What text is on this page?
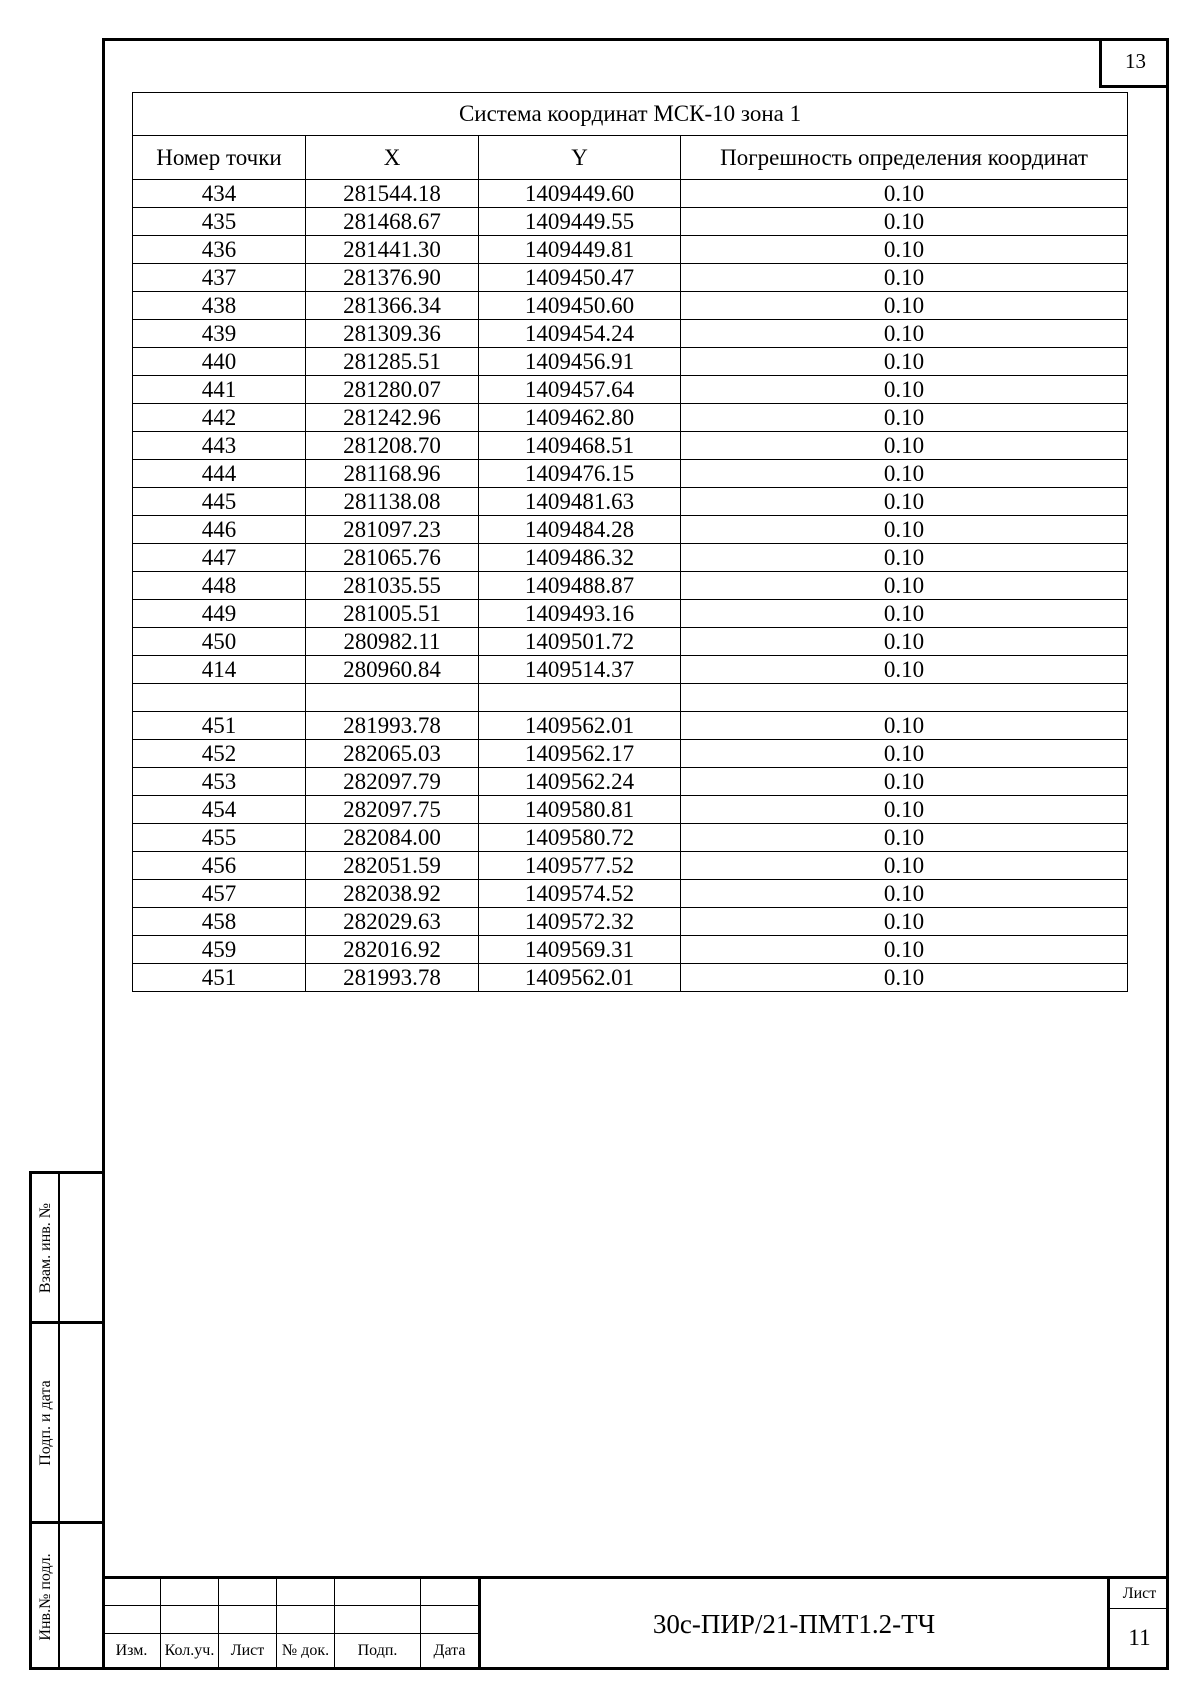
13
Система координат МСК-10 зона 1			
Номер точки	X	Y	Погрешность определения координат
434	281544.18	1409449.60	0.10
435	281468.67	1409449.55	0.10
436	281441.30	1409449.81	0.10
437	281376.90	1409450.47	0.10
438	281366.34	1409450.60	0.10
439	281309.36	1409454.24	0.10
440	281285.51	1409456.91	0.10
441	281280.07	1409457.64	0.10
442	281242.96	1409462.80	0.10
443	281208.70	1409468.51	0.10
444	281168.96	1409476.15	0.10
445	281138.08	1409481.63	0.10
446	281097.23	1409484.28	0.10
447	281065.76	1409486.32	0.10
448	281035.55	1409488.87	0.10
449	281005.51	1409493.16	0.10
450	280982.11	1409501.72	0.10
414	280960.84	1409514.37	0.10

451	281993.78	1409562.01	0.10
452	282065.03	1409562.17	0.10
453	282097.79	1409562.24	0.10
454	282097.75	1409580.81	0.10
455	282084.00	1409580.72	0.10
456	282051.59	1409577.52	0.10
457	282038.92	1409574.52	0.10
458	282029.63	1409572.32	0.10
459	282016.92	1409569.31	0.10
451	281993.78	1409562.01	0.10
Взам. инв. №
Подп. и дата
Инв.№ подл.

Изм.	Кол.уч.	Лист	№ док.	Подп.	Дата
30с-ПИР/21-ПМТ1.2-ТЧ
Лист
11
